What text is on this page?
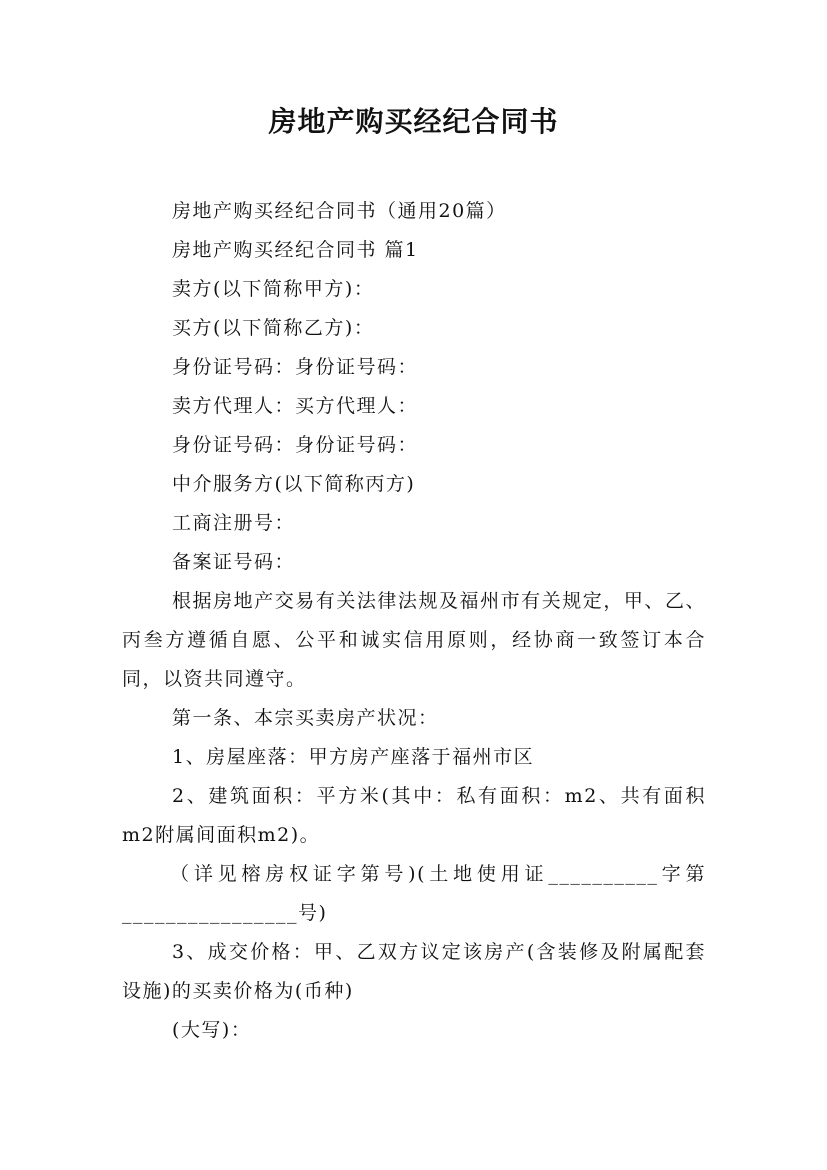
房地产购买经纪合同书

房地产购买经纪合同书（通用20篇）

房地产购买经纪合同书 篇1

卖方(以下简称甲方)：

买方(以下简称乙方)：

身份证号码：身份证号码：

卖方代理人：买方代理人：

身份证号码：身份证号码：

中介服务方(以下简称丙方)

工商注册号：

备案证号码：

根据房地产交易有关法律法规及福州市有关规定，甲、乙、丙叁方遵循自愿、公平和诚实信用原则，经协商一致签订本合同，以资共同遵守。

第一条、本宗买卖房产状况：

1、房屋座落：甲方房产座落于福州市区

2、建筑面积：平方米(其中：私有面积：m2、共有面积m2附属间面积m2)。

（详见榕房权证字第号)(土地使用证__________字第________________号)

3、成交价格：甲、乙双方议定该房产(含装修及附属配套设施)的买卖价格为(币种)

(大写)：
